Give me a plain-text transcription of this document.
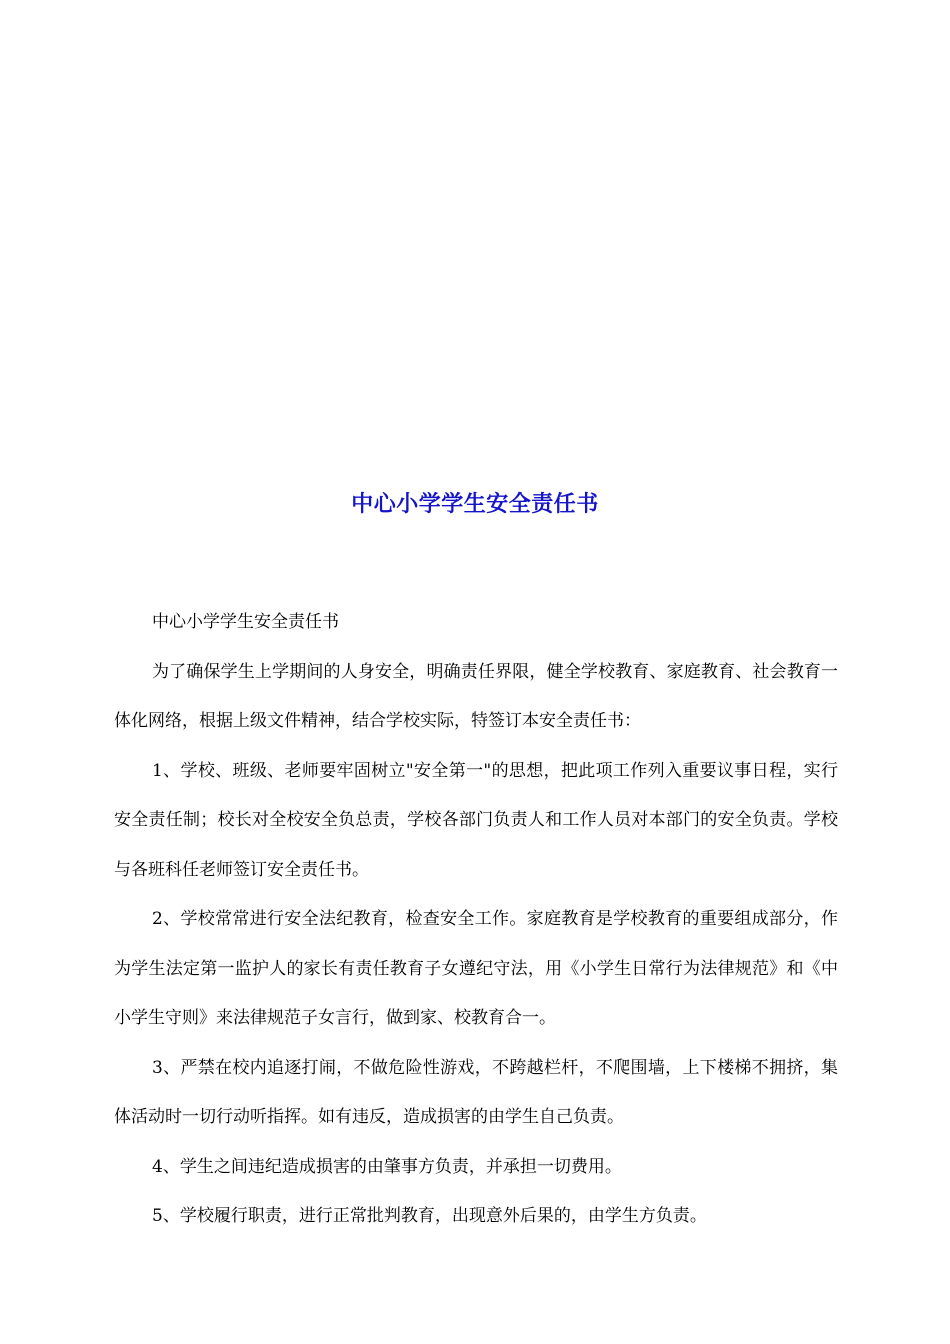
中心小学学生安全责任书

中心小学学生安全责任书

为了确保学生上学期间的人身安全，明确责任界限，健全学校教育、家庭教育、社会教育一体化网络，根据上级文件精神，结合学校实际，特签订本安全责任书：

1、学校、班级、老师要牢固树立"安全第一"的思想，把此项工作列入重要议事日程，实行安全责任制；校长对全校安全负总责，学校各部门负责人和工作人员对本部门的安全负责。学校与各班科任老师签订安全责任书。

2、学校常常进行安全法纪教育，检查安全工作。家庭教育是学校教育的重要组成部分，作为学生法定第一监护人的家长有责任教育子女遵纪守法，用《小学生日常行为法律规范》和《中小学生守则》来法律规范子女言行，做到家、校教育合一。

3、严禁在校内追逐打闹，不做危险性游戏，不跨越栏杆，不爬围墙，上下楼梯不拥挤，集体活动时一切行动听指挥。如有违反，造成损害的由学生自己负责。

4、学生之间违纪造成损害的由肇事方负责，并承担一切费用。

5、学校履行职责，进行正常批判教育，出现意外后果的，由学生方负责。
